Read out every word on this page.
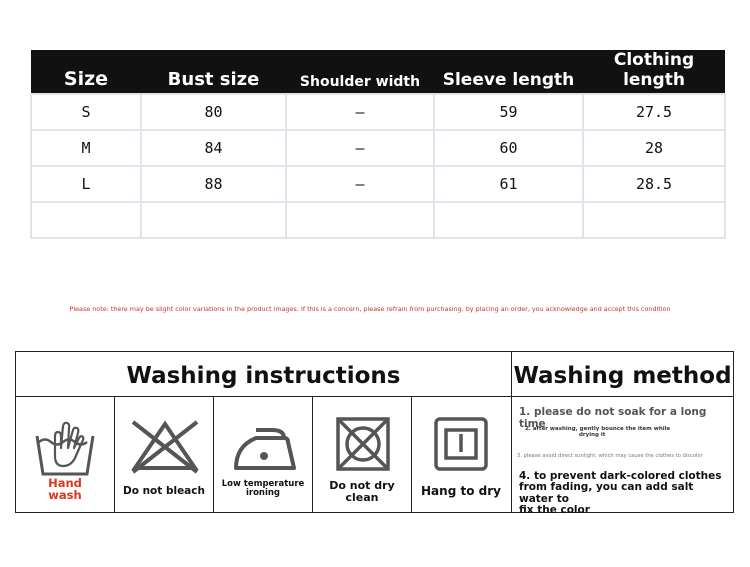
Size	Bust size	Shoulder width	Sleeve length	Clothing length
S	80	—	59	27.5
M	84	—	60	28
L	88	—	61	28.5

Please note: there may be slight color variations in the product images. If this is a concern, please refrain from purchasing. by placing an order, you acknowledge and accept this condition
Washing instructions
Hand
wash	Do not bleach
Low temperature
ironing
Do not dry
clean	Hang to dry
Washing method
1. please do not soak for a long time
2. after washing, gently bounce the item while
drying it
3. please avoid direct sunlight, which may cause the clothes to discolor
4. to prevent dark-colored clothes
from fading, you can add salt water to
fix the color
